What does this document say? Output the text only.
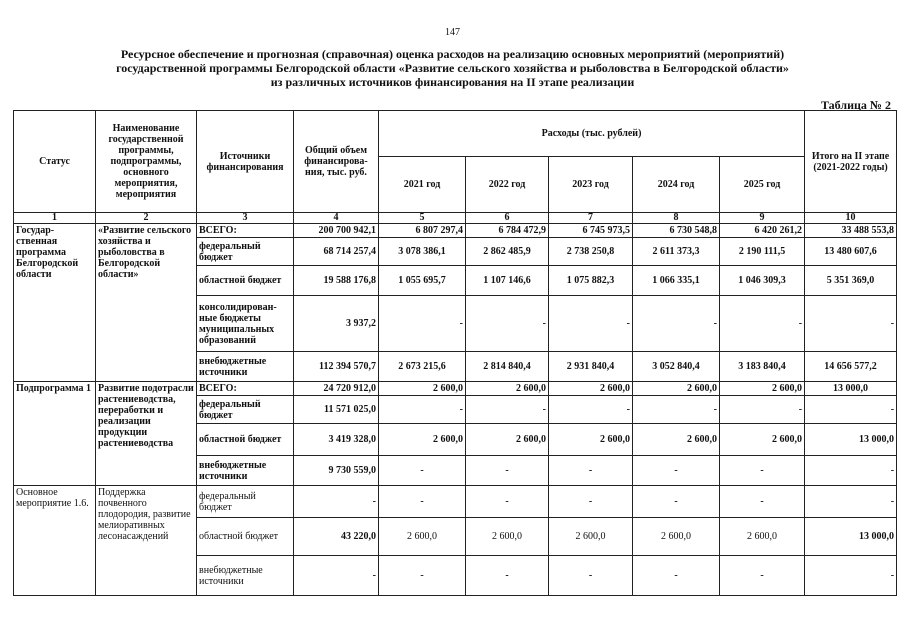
147
Ресурсное обеспечение и прогнозная (справочная) оценка расходов на реализацию основных мероприятий (мероприятий)
государственной программы Белгородской области «Развитие сельского хозяйства и рыболовства в Белгородской области»
из различных источников финансирования на II этапе реализации
Таблица № 2
Статус	Наименование государственной программы, подпрограммы, основного мероприятия, мероприятия	Источники финансирования	Общий объем финансирова-ния, тыс. руб.	Расходы (тыс. рублей)					Итого на II этапе (2021-2022 годы)
				2021 год	2022 год	2023 год	2024 год	2025 год	
1	2	3	4	5	6	7	8	9	10
Государ-ственная программа Белгородской области	«Развитие сельского хозяйства и рыболовства в Белгородской области»	ВСЕГО:	200 700 942,1	6 807 297,4	6 784 472,9	6 745 973,5	6 730 548,8	6 420 261,2	33 488 553,8
		федеральный бюджет	68 714 257,4	3 078 386,1	2 862 485,9	2 738 250,8	2 611 373,3	2 190 111,5	13 480 607,6
		областной бюджет	19 588 176,8	1 055 695,7	1 107 146,6	1 075 882,3	1 066 335,1	1 046 309,3	5 351 369,0
		консолидирован-ные бюджеты муниципальных образований	3 937,2	-	-	-	-	-	-
		внебюджетные источники	112 394 570,7	2 673 215,6	2 814 840,4	2 931 840,4	3 052 840,4	3 183 840,4	14 656 577,2
Подпрограмма 1	Развитие подотрасли растениеводства, переработки и реализации продукции растениеводства	ВСЕГО:	24 720 912,0	2 600,0	2 600,0	2 600,0	2 600,0	2 600,0	13 000,0
		федеральный бюджет	11 571 025,0	-	-	-	-	-	-
		областной бюджет	3 419 328,0	2 600,0	2 600,0	2 600,0	2 600,0	2 600,0	13 000,0
		внебюджетные источники	9 730 559,0	-	-	-	-	-	-
Основное мероприятие 1.6.	Поддержка почвенного плодородия, развитие мелиоративных лесонасаждений	федеральный бюджет	-	-	-	-	-	-	-
		областной бюджет	43 220,0	2 600,0	2 600,0	2 600,0	2 600,0	2 600,0	13 000,0
		внебюджетные источники	-	-	-	-	-	-	-
